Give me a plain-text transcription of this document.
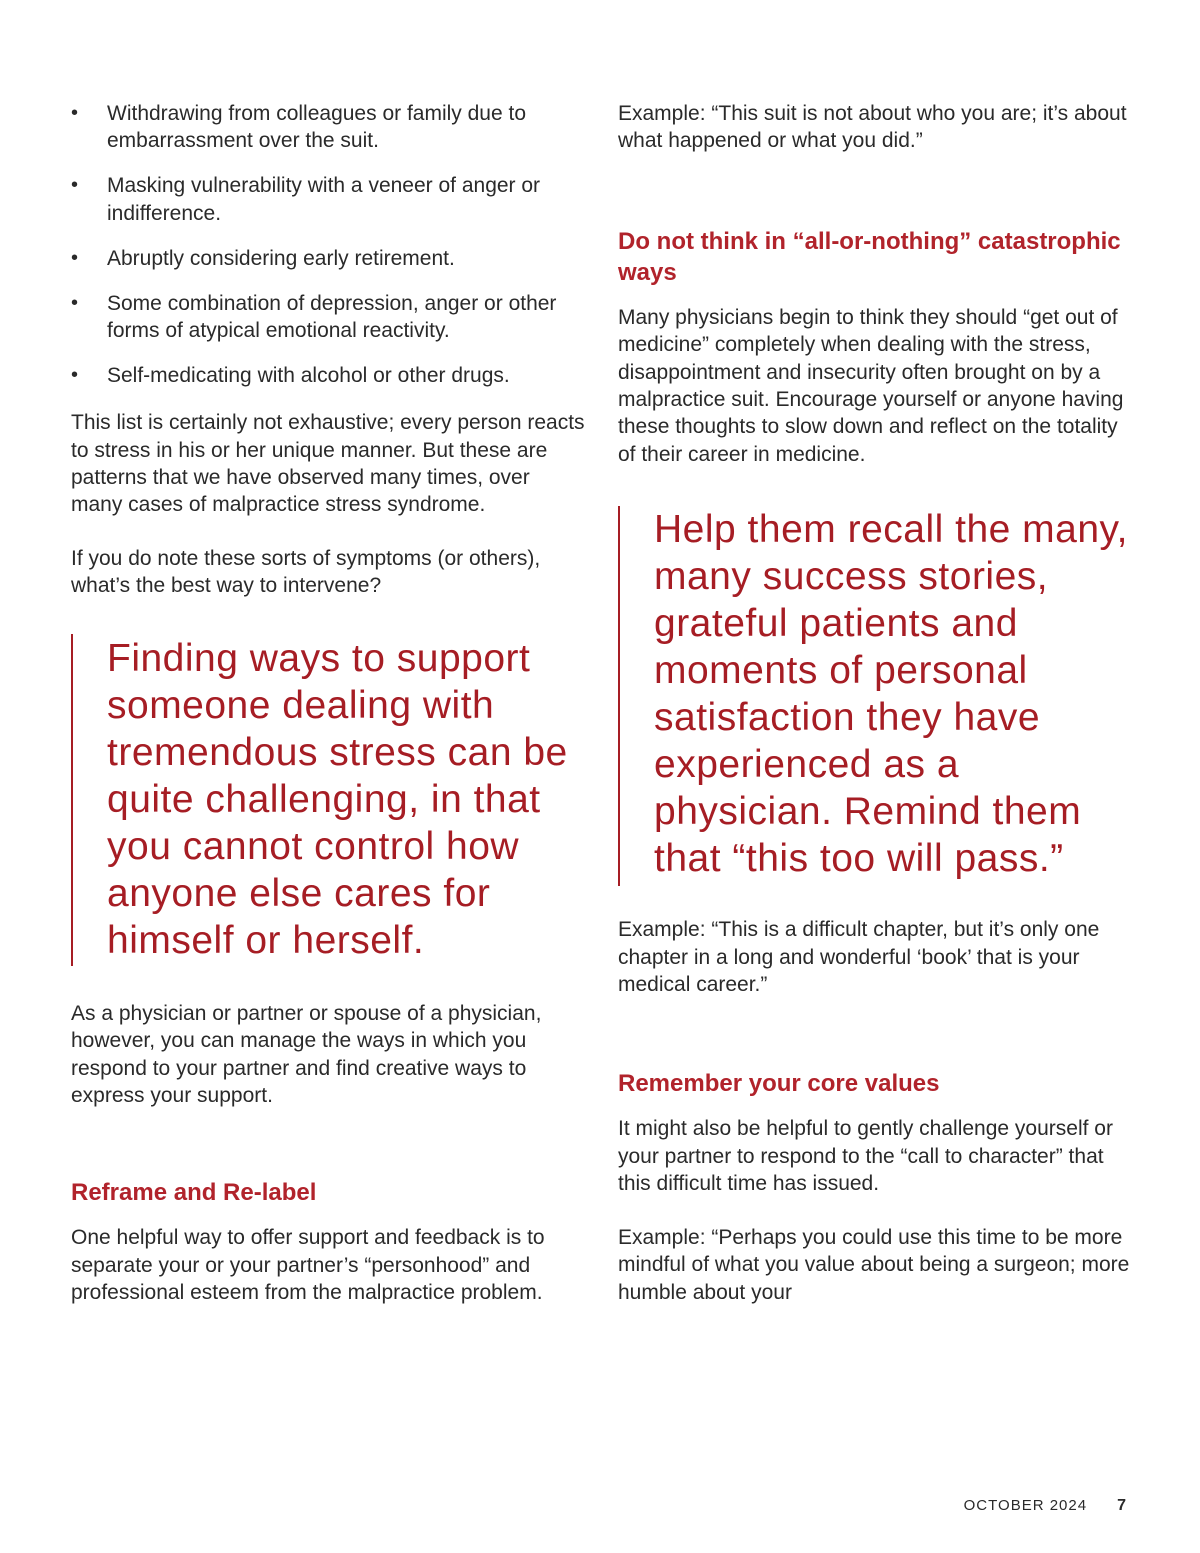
• Withdrawing from colleagues or family due to embarrassment over the suit.
• Masking vulnerability with a veneer of anger or indifference.
• Abruptly considering early retirement.
• Some combination of depression, anger or other forms of atypical emotional reactivity.
• Self-medicating with alcohol or other drugs.

This list is certainly not exhaustive; every person reacts to stress in his or her unique manner. But these are patterns that we have observed many times, over many cases of malpractice stress syndrome.

If you do note these sorts of symptoms (or others), what’s the best way to intervene?

Finding ways to support someone dealing with tremendous stress can be quite challenging, in that you cannot control how anyone else cares for himself or herself.

As a physician or partner or spouse of a physician, however, you can manage the ways in which you respond to your partner and find creative ways to express your support.

Reframe and Re-label

One helpful way to offer support and feedback is to separate your or your partner’s “personhood” and professional esteem from the malpractice problem.

Example: “This suit is not about who you are; it’s about what happened or what you did.”

Do not think in “all-or-nothing” catastrophic ways

Many physicians begin to think they should “get out of medicine” completely when dealing with the stress, disappointment and insecurity often brought on by a malpractice suit. Encourage yourself or anyone having these thoughts to slow down and reflect on the totality of their career in medicine.

Help them recall the many, many success stories, grateful patients and moments of personal satisfaction they have experienced as a physician. Remind them that “this too will pass.”

Example: “This is a difficult chapter, but it’s only one chapter in a long and wonderful ‘book’ that is your medical career.”

Remember your core values

It might also be helpful to gently challenge yourself or your partner to respond to the “call to character” that this difficult time has issued.

Example: “Perhaps you could use this time to be more mindful of what you value about being a surgeon; more humble about your

OCTOBER 2024 7
